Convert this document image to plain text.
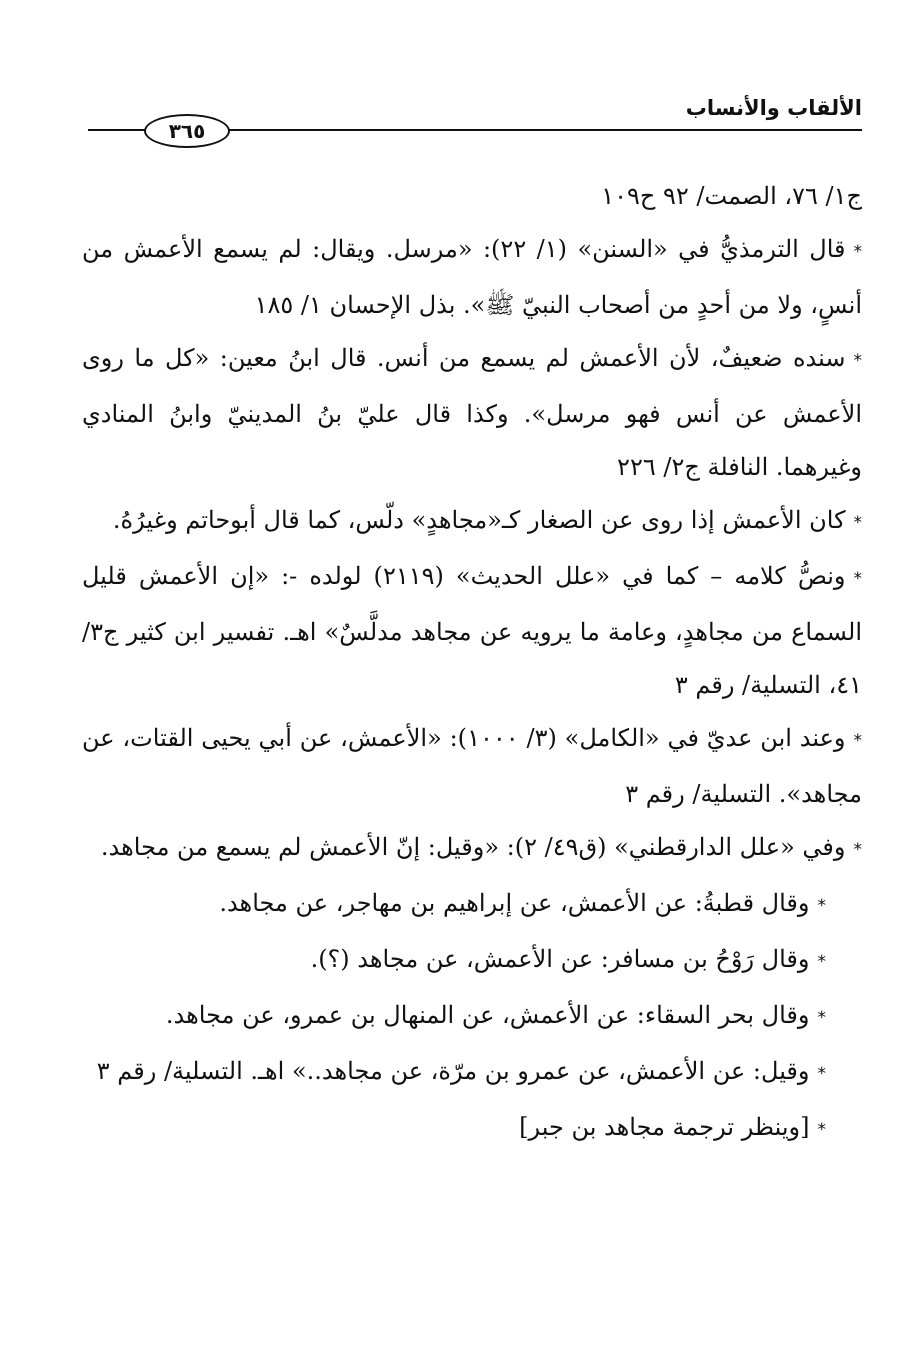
الألقاب والأنساب
٣٦٥

ج١/ ٧٦، الصمت/ ٩٢ ح١٠٩

*قال الترمذيُّ في «السنن» (١/ ٢٢): «مرسل. ويقال: لم يسمع الأعمش من أنسٍ، ولا من أحدٍ من أصحاب النبيّ ﷺ». بذل الإحسان ١/ ١٨٥

*سنده ضعيفٌ، لأن الأعمش لم يسمع من أنس. قال ابنُ معين: «كل ما روى الأعمش عن أنس فهو مرسل». وكذا قال عليّ بنُ المدينيّ وابنُ المنادي وغيرهما. النافلة ج٢/ ٢٢٦

*كان الأعمش إذا روى عن الصغار كـ«مجاهدٍ» دلّس، كما قال أبوحاتم وغيرُهُ.

*ونصُّ كلامه – كما في «علل الحديث» (٢١١٩) لولده -: «إن الأعمش قليل السماع من مجاهدٍ، وعامة ما يرويه عن مجاهد مدلَّسٌ» اهـ. تفسير ابن كثير ج٣/ ٤١، التسلية/ رقم ٣

*وعند ابن عديّ في «الكامل» (٣/ ١٠٠٠): «الأعمش، عن أبي يحيى القتات، عن مجاهد». التسلية/ رقم ٣

*وفي «علل الدارقطني» (ق٤٩/ ٢): «وقيل: إنّ الأعمش لم يسمع من مجاهد.

*وقال قطبةُ: عن الأعمش، عن إبراهيم بن مهاجر، عن مجاهد.

*وقال رَوْحُ بن مسافر: عن الأعمش، عن مجاهد (؟).

*وقال بحر السقاء: عن الأعمش، عن المنهال بن عمرو، عن مجاهد.

*وقيل: عن الأعمش، عن عمرو بن مرّة، عن مجاهد..» اهـ. التسلية/ رقم ٣

*[وينظر ترجمة مجاهد بن جبر]
